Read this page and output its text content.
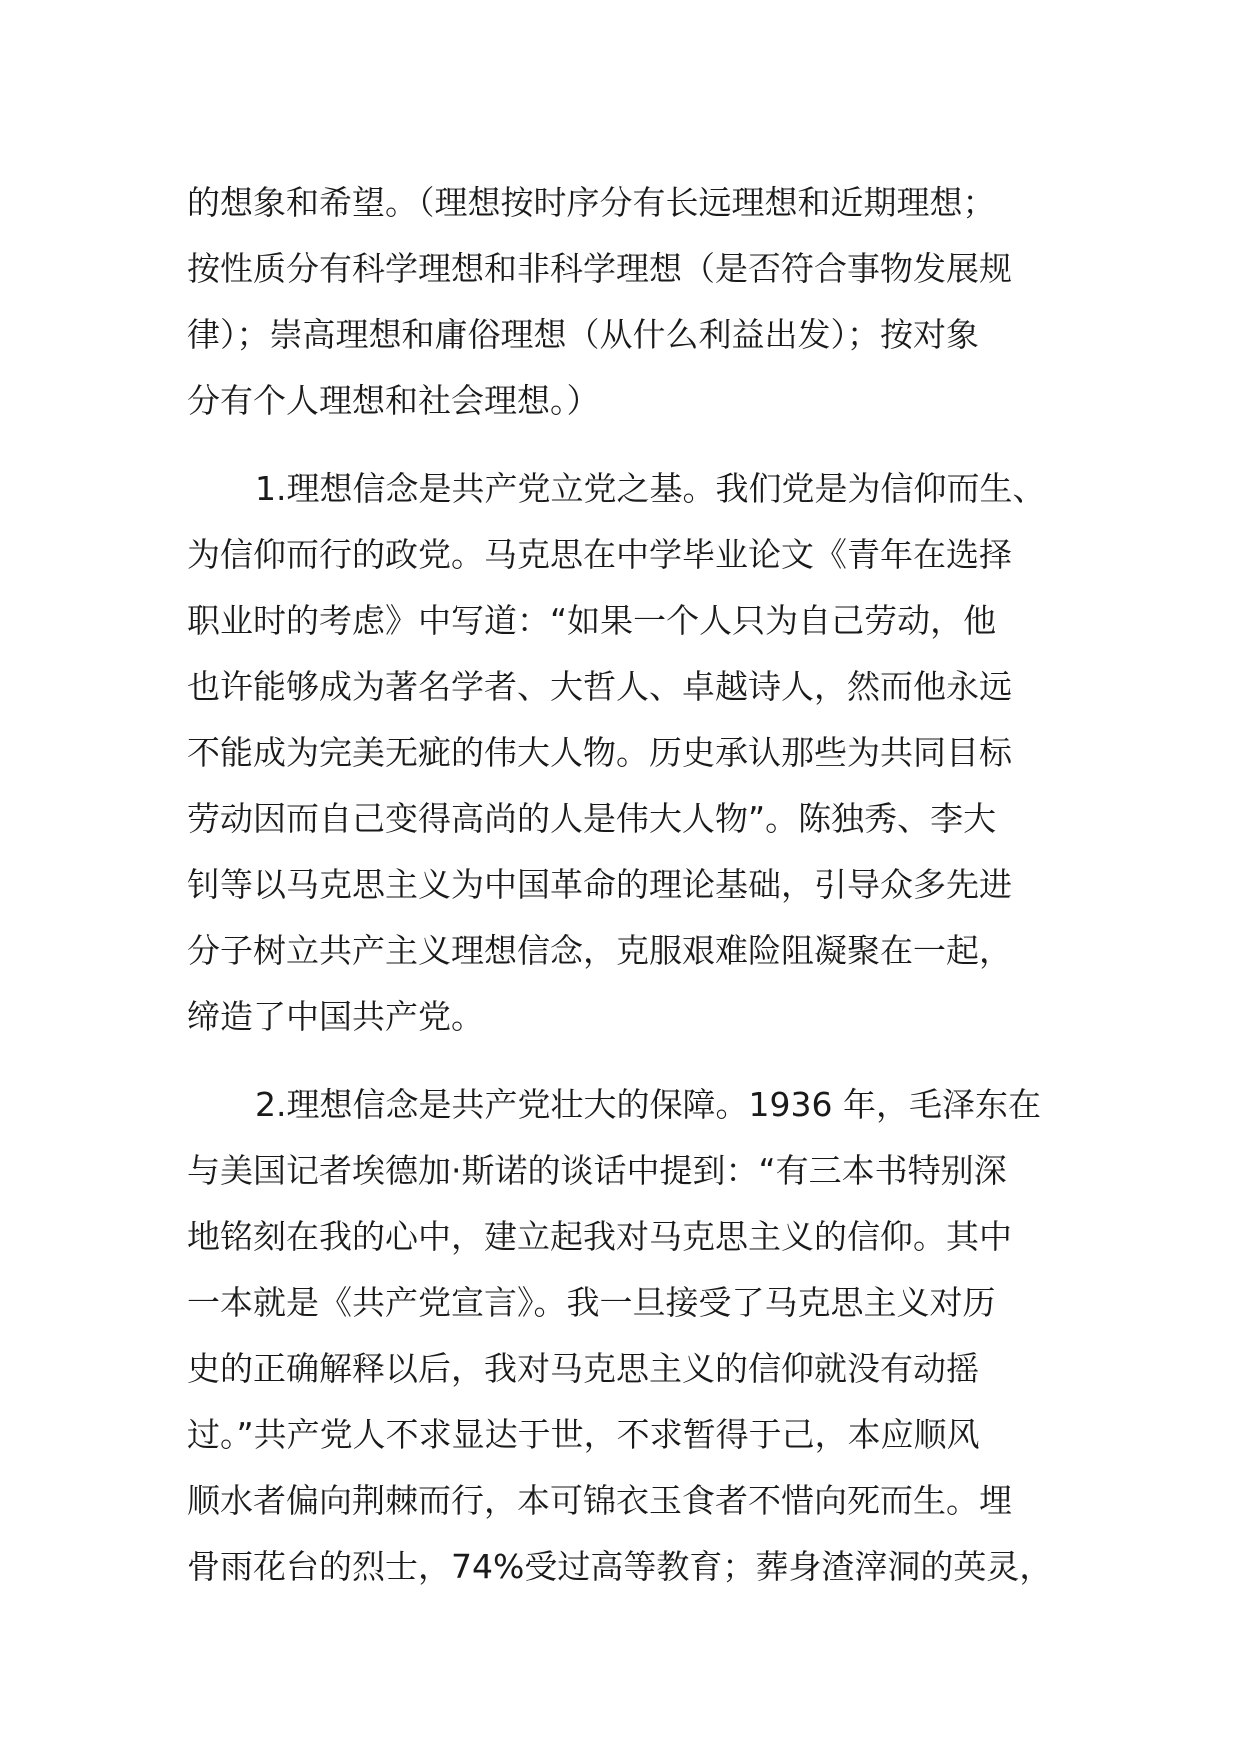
的想象和希望。（理想按时序分有长远理想和近期理想；
按性质分有科学理想和非科学理想（是否符合事物发展规
律）；崇高理想和庸俗理想（从什么利益出发）；按对象
分有个人理想和社会理想。）
1.理想信念是共产党立党之基。我们党是为信仰而生、
为信仰而行的政党。马克思在中学毕业论文《青年在选择
职业时的考虑》中写道：“如果一个人只为自己劳动，他
也许能够成为著名学者、大哲人、卓越诗人，然而他永远
不能成为完美无疵的伟大人物。历史承认那些为共同目标
劳动因而自己变得高尚的人是伟大人物”。陈独秀、李大
钊等以马克思主义为中国革命的理论基础，引导众多先进
分子树立共产主义理想信念，克服艰难险阻凝聚在一起，
缔造了中国共产党。
2.理想信念是共产党壮大的保障。1936 年，毛泽东在
与美国记者埃德加·斯诺的谈话中提到：“有三本书特别深
地铭刻在我的心中，建立起我对马克思主义的信仰。其中
一本就是《共产党宣言》。我一旦接受了马克思主义对历
史的正确解释以后，我对马克思主义的信仰就没有动摇
过。”共产党人不求显达于世，不求暂得于己，本应顺风
顺水者偏向荆棘而行，本可锦衣玉食者不惜向死而生。埋
骨雨花台的烈士，74%受过高等教育；葬身渣滓洞的英灵，
